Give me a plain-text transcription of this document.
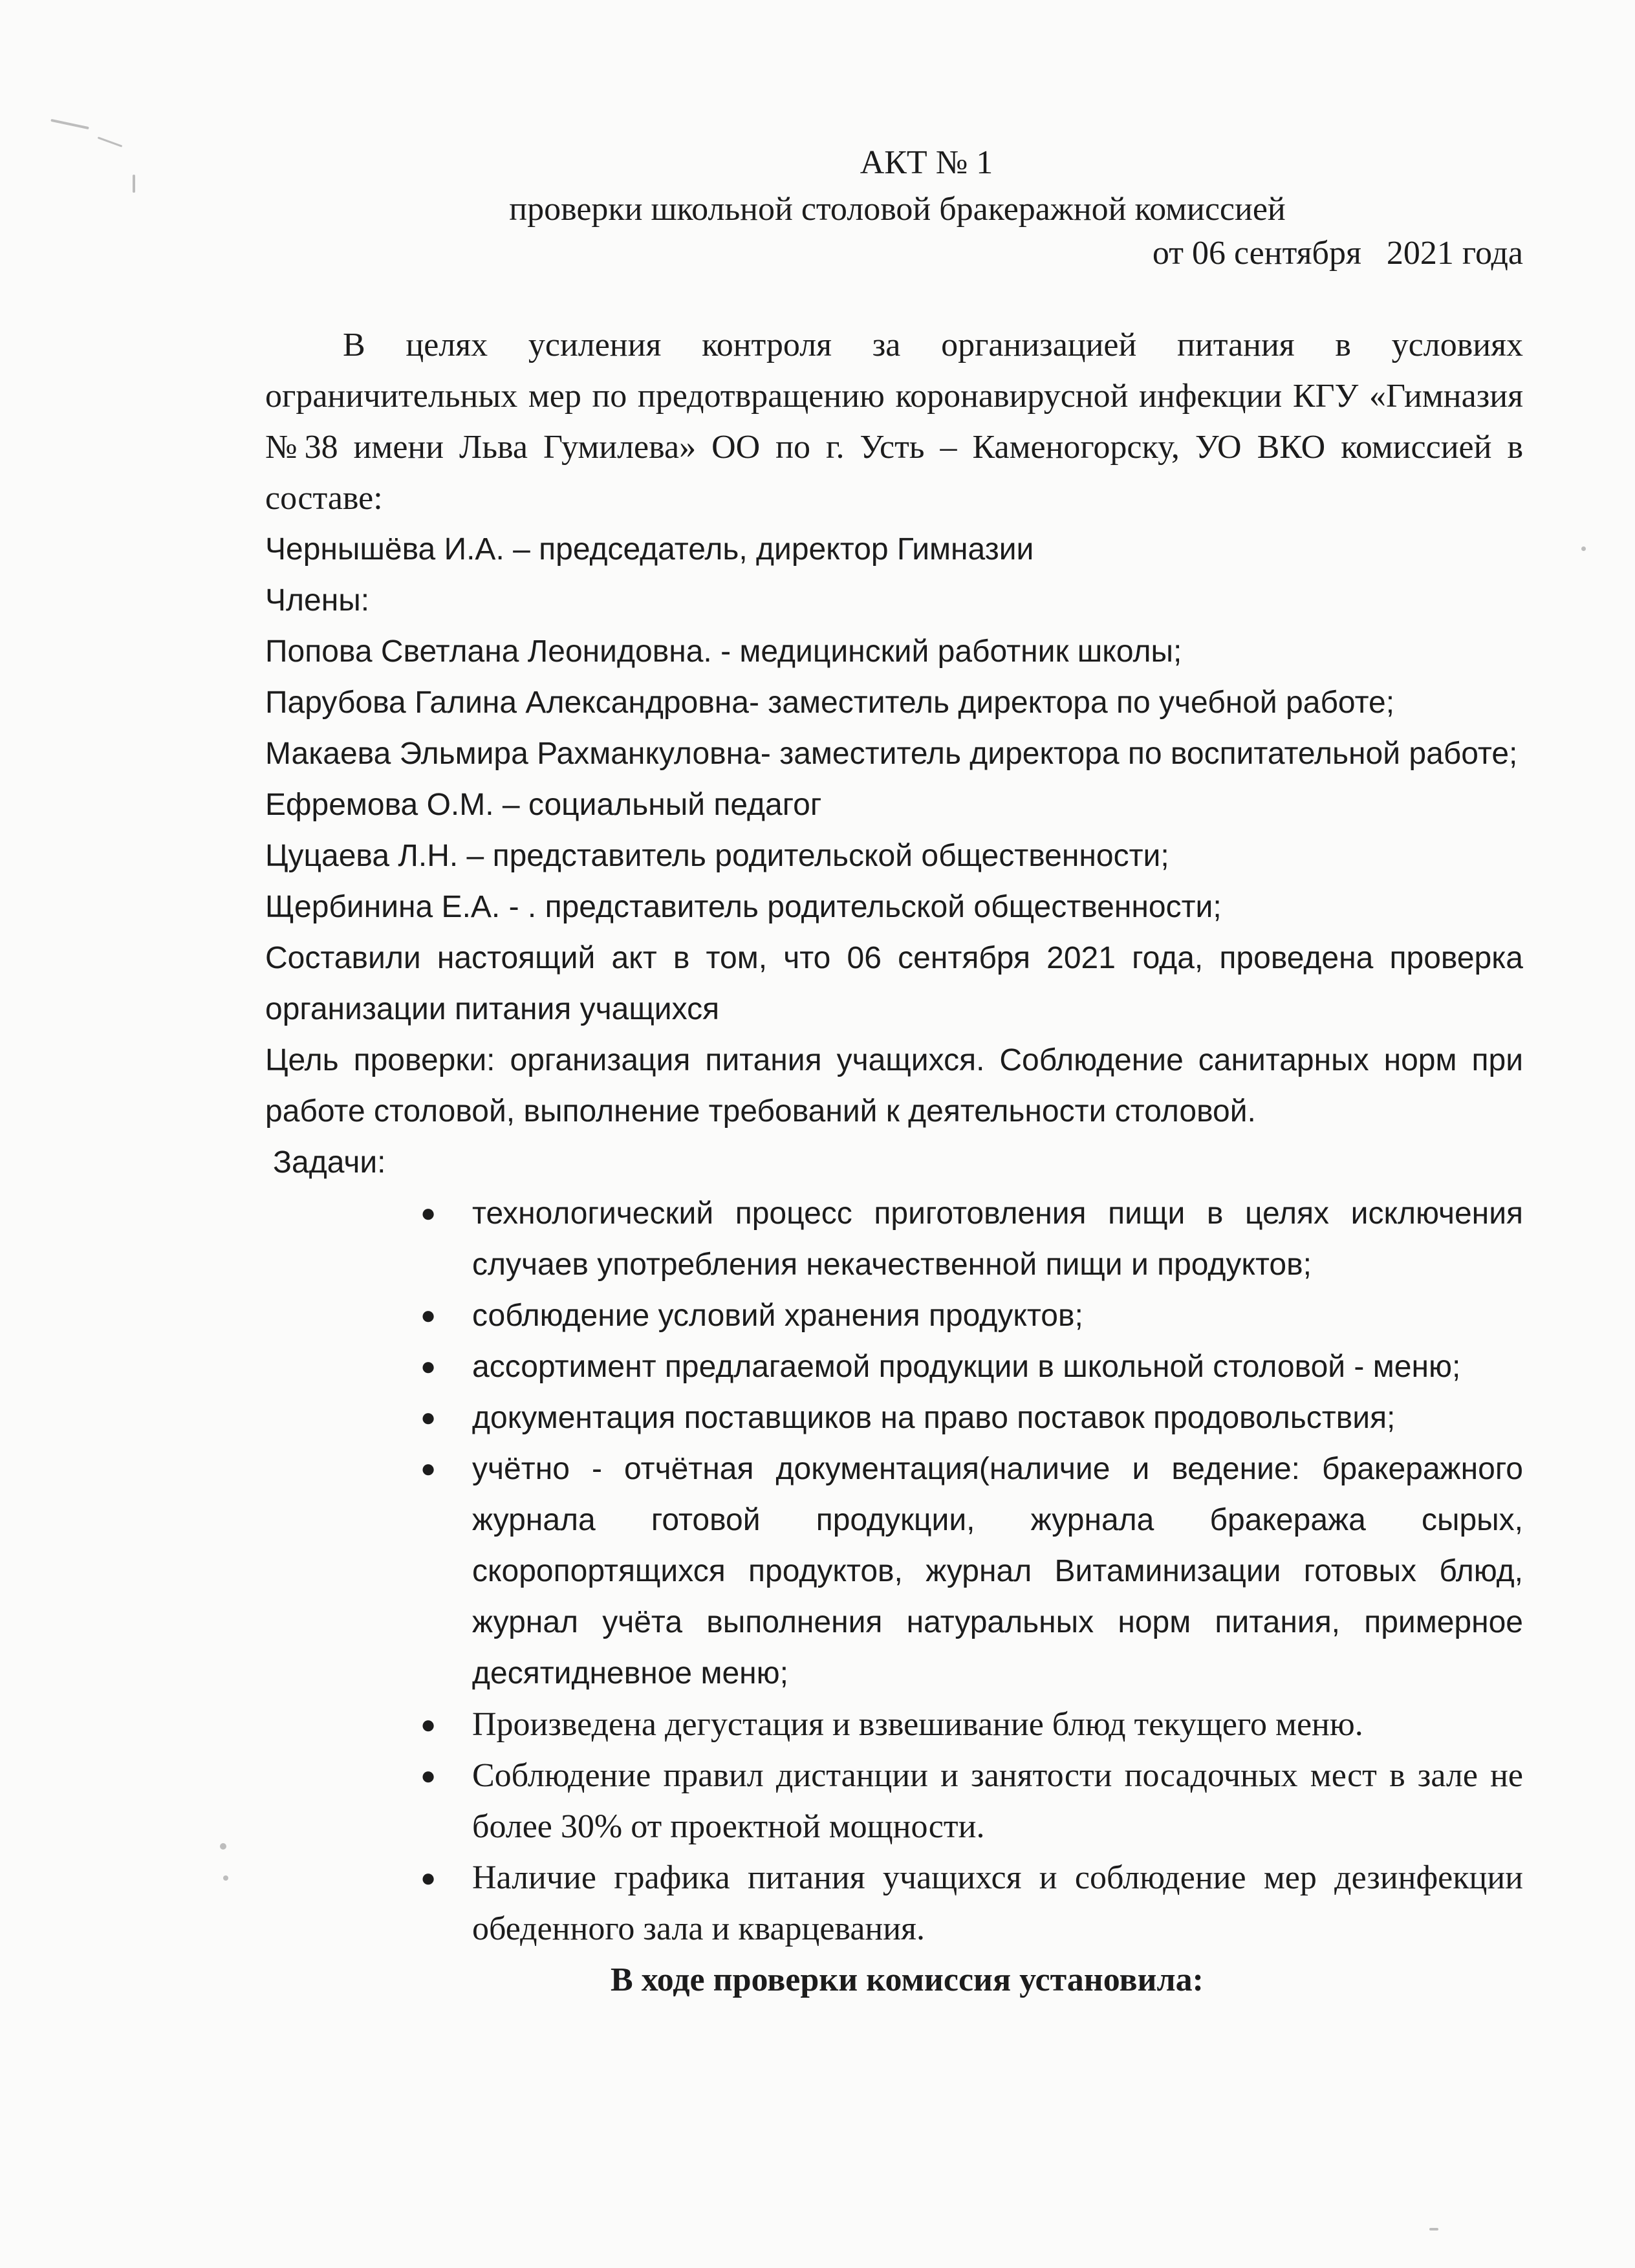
АКТ № 1

проверки школьной столовой бракеражной комиссией

от 06 сентября   2021 года

В целях усиления контроля за организацией питания в условиях ограничительных мер по предотвращению коронавирусной инфекции КГУ «Гимназия №38 имени Льва Гумилева» ОО по г. Усть – Каменогорску, УО ВКО комиссией в составе:

Чернышёва И.А. – председатель, директор Гимназии

Члены:

Попова Светлана Леонидовна. - медицинский работник школы;

Парубова Галина Александровна- заместитель директора по учебной работе;

Макаева Эльмира Рахманкуловна- заместитель директора по воспитательной работе;

Ефремова О.М. – социальный педагог

Цуцаева Л.Н. – представитель родительской общественности;

Щербинина Е.А. - . представитель родительской общественности;

Составили настоящий акт в том, что 06 сентября 2021 года, проведена проверка организации питания учащихся

Цель проверки: организация питания учащихся. Соблюдение санитарных норм при работе столовой, выполнение требований к деятельности столовой.

Задачи:

● технологический процесс приготовления пищи в целях исключения случаев употребления некачественной пищи и продуктов;
● соблюдение условий хранения продуктов;
● ассортимент предлагаемой продукции в школьной столовой - меню;
● документация поставщиков на право поставок продовольствия;
● учётно - отчётная документация(наличие и ведение: бракеражного журнала готовой продукции, журнала бракеража сырых, скоропортящихся продуктов, журнал Витаминизации готовых блюд, журнал учёта выполнения натуральных норм питания, примерное десятидневное меню;
● Произведена дегустация и взвешивание блюд текущего меню.
● Соблюдение правил дистанции и занятости посадочных мест в зале не более 30% от проектной мощности.
● Наличие графика питания учащихся и соблюдение мер дезинфекции обеденного зала и кварцевания.

В ходе проверки комиссия установила:
